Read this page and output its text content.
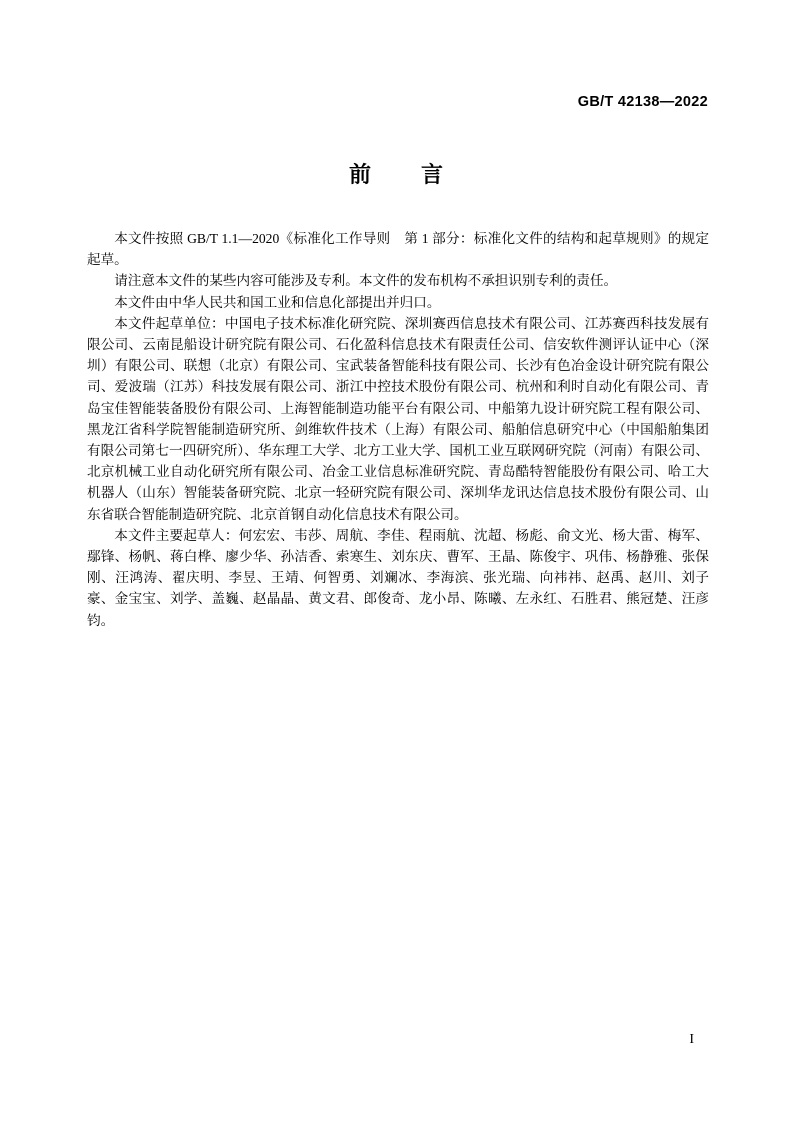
GB/T 42138—2022
前　　言

本文件按照 GB/T 1.1—2020《标准化工作导则　第 1 部分：标准化文件的结构和起草规则》的规定起草。

请注意本文件的某些内容可能涉及专利。本文件的发布机构不承担识别专利的责任。

本文件由中华人民共和国工业和信息化部提出并归口。

本文件起草单位：中国电子技术标准化研究院、深圳赛西信息技术有限公司、江苏赛西科技发展有限公司、云南昆船设计研究院有限公司、石化盈科信息技术有限责任公司、信安软件测评认证中心（深圳）有限公司、联想（北京）有限公司、宝武装备智能科技有限公司、长沙有色冶金设计研究院有限公司、爱波瑞（江苏）科技发展有限公司、浙江中控技术股份有限公司、杭州和利时自动化有限公司、青岛宝佳智能装备股份有限公司、上海智能制造功能平台有限公司、中船第九设计研究院工程有限公司、黑龙江省科学院智能制造研究所、剑维软件技术（上海）有限公司、船舶信息研究中心（中国船舶集团有限公司第七一四研究所）、华东理工大学、北方工业大学、国机工业互联网研究院（河南）有限公司、北京机械工业自动化研究所有限公司、冶金工业信息标准研究院、青岛酷特智能股份有限公司、哈工大机器人（山东）智能装备研究院、北京一轻研究院有限公司、深圳华龙讯达信息技术股份有限公司、山东省联合智能制造研究院、北京首钢自动化信息技术有限公司。

本文件主要起草人：何宏宏、韦莎、周航、李佳、程雨航、沈超、杨彪、俞文光、杨大雷、梅军、鄢锋、杨帆、蒋白桦、廖少华、孙洁香、索寒生、刘东庆、曹军、王晶、陈俊宇、巩伟、杨静雅、张保刚、汪鸿涛、翟庆明、李昱、王靖、何智勇、刘斓冰、李海滨、张光瑞、向祎祎、赵禹、赵川、刘子豪、金宝宝、刘学、盖巍、赵晶晶、黄文君、郎俊奇、龙小昂、陈曦、左永红、石胜君、熊冠楚、汪彦钧。

I
